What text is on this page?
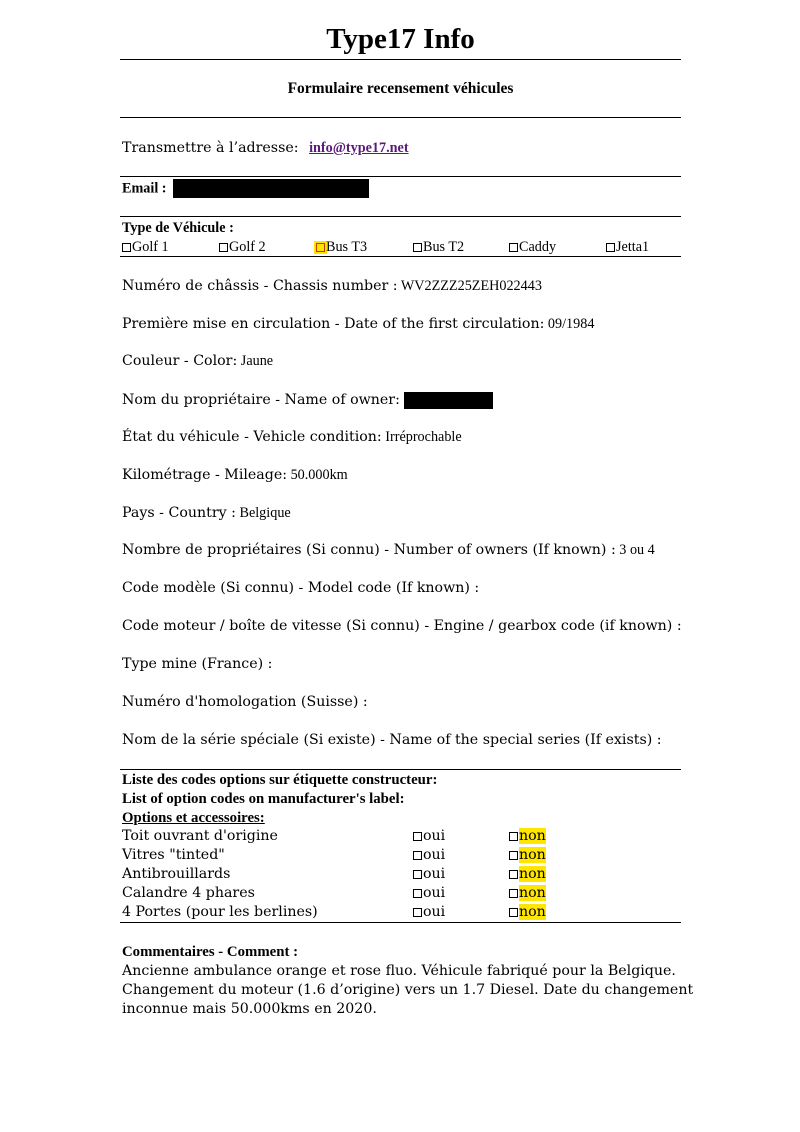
Type17 Info
Formulaire recensement véhicules
Transmettre à l’adresse: info@type17.net
Email :
Type de Véhicule :
Golf 1	Golf 2	Bus T3	Bus T2	Caddy	Jetta1
Numéro de châssis - Chassis number : WV2ZZZ25ZEH022443
Première mise en circulation - Date of the first circulation: 09/1984
Couleur - Color: Jaune
Nom du propriétaire - Name of owner:
État du véhicule - Vehicle condition: Irréprochable
Kilométrage - Mileage: 50.000km
Pays - Country : Belgique
Nombre de propriétaires (Si connu) - Number of owners (If known) : 3 ou 4
Code modèle (Si connu) - Model code (If known) :
Code moteur / boîte de vitesse (Si connu) - Engine / gearbox code (if known) :
Type mine (France) :
Numéro d'homologation (Suisse) :
Nom de la série spéciale (Si existe) - Name of the special series (If exists) :
Liste des codes options sur étiquette constructeur:
List of option codes on manufacturer's label:
Options et accessoires:
Toit ouvrant d'origine	oui	non
Vitres "tinted"	oui	non
Antibrouillards	oui	non
Calandre 4 phares	oui	non
4 Portes (pour les berlines)	oui	non
Commentaires - Comment :
Ancienne ambulance orange et rose fluo. Véhicule fabriqué pour la Belgique.
Changement du moteur (1.6 d’origine) vers un 1.7 Diesel. Date du changement
inconnue mais 50.000kms en 2020.
